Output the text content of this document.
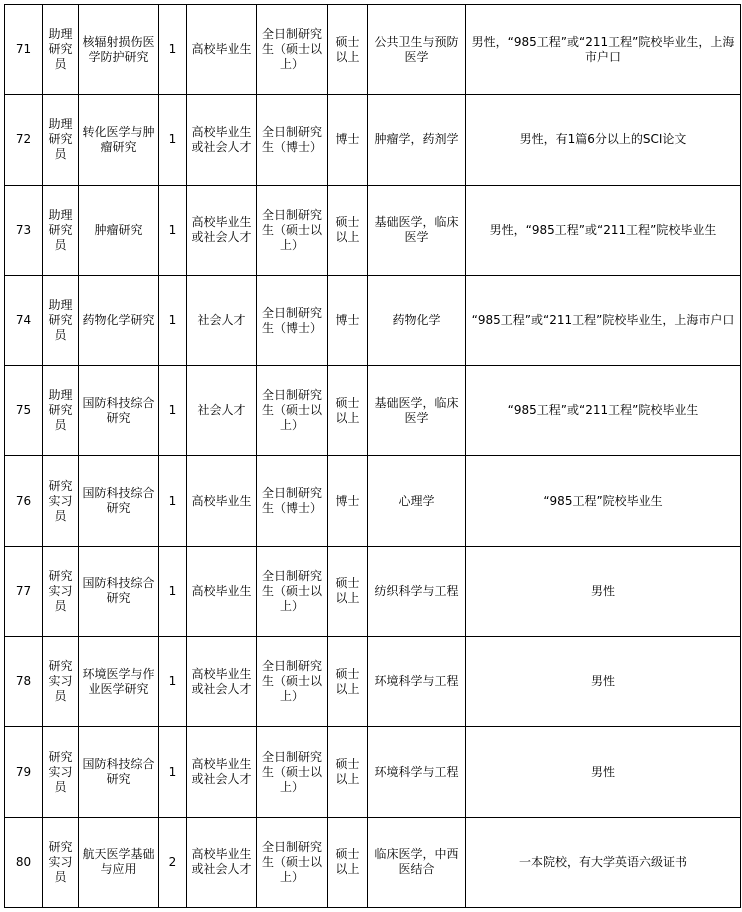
71	助理研究员	核辐射损伤医学防护研究	1	高校毕业生	全日制研究生（硕士以上）	硕士以上	公共卫生与预防医学	男性，“985工程”或“211工程”院校毕业生，上海市户口
72	助理研究员	转化医学与肿瘤研究	1	高校毕业生或社会人才	全日制研究生（博士）	博士	肿瘤学，药剂学	男性，有1篇6分以上的SCI论文
73	助理研究员	肿瘤研究	1	高校毕业生或社会人才	全日制研究生（硕士以上）	硕士以上	基础医学，临床医学	男性，“985工程”或“211工程”院校毕业生
74	助理研究员	药物化学研究	1	社会人才	全日制研究生（博士）	博士	药物化学	“985工程”或“211工程”院校毕业生，上海市户口
75	助理研究员	国防科技综合研究	1	社会人才	全日制研究生（硕士以上）	硕士以上	基础医学，临床医学	“985工程”或“211工程”院校毕业生
76	研究实习员	国防科技综合研究	1	高校毕业生	全日制研究生（博士）	博士	心理学	“985工程”院校毕业生
77	研究实习员	国防科技综合研究	1	高校毕业生	全日制研究生（硕士以上）	硕士以上	纺织科学与工程	男性
78	研究实习员	环境医学与作业医学研究	1	高校毕业生或社会人才	全日制研究生（硕士以上）	硕士以上	环境科学与工程	男性
79	研究实习员	国防科技综合研究	1	高校毕业生或社会人才	全日制研究生（硕士以上）	硕士以上	环境科学与工程	男性
80	研究实习员	航天医学基础与应用	2	高校毕业生或社会人才	全日制研究生（硕士以上）	硕士以上	临床医学，中西医结合	一本院校，有大学英语六级证书
